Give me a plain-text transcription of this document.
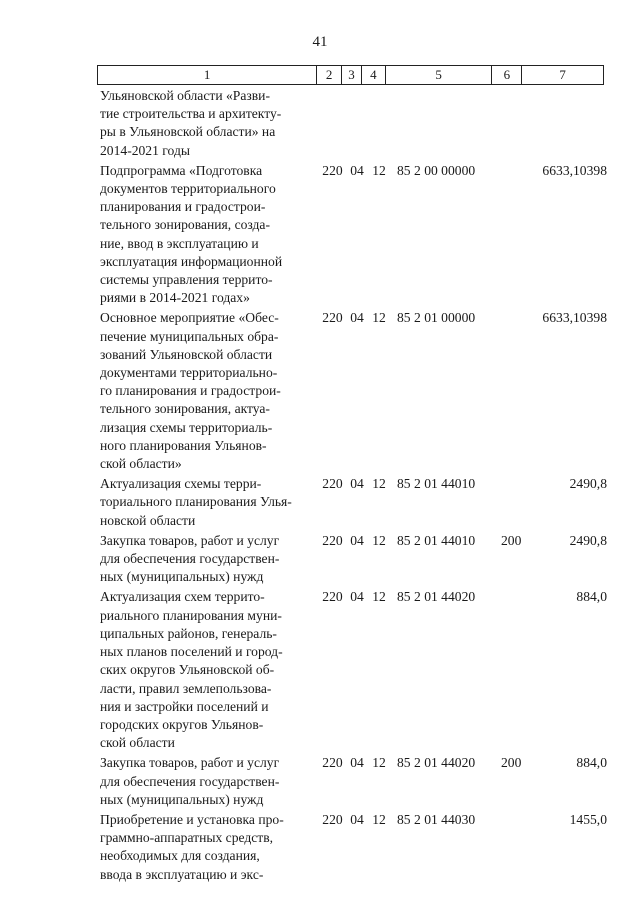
41
1	2	3	4	5	6	7
Ульяновской области «Разви-
тие строительства и архитекту-
ры в Ульяновской области» на
2014-2021 годы
Подпрограмма «Подготовка
документов территориального
планирования и градострои-
тельного зонирования, созда-
ние, ввод в эксплуатацию и
эксплуатация информационной
системы управления террито-
риями в 2014-2021 годах»
220 04 12 85 2 00 00000	6633,10398
Основное мероприятие «Обес-
печение муниципальных обра-
зований Ульяновской области
документами территориально-
го планирования и градострои-
тельного зонирования, актуа-
лизация схемы территориаль-
ного планирования Ульянов-
ской области»
220 04 12 85 2 01 00000	6633,10398
Актуализация схемы терри-
ториального планирования Улья-
новской области
220 04 12 85 2 01 44010	2490,8
Закупка товаров, работ и услуг
для обеспечения государствен-
ных (муниципальных) нужд
220 04 12 85 2 01 44010	200	2490,8
Актуализация схем террито-
риального планирования муни-
ципальных районов, генераль-
ных планов поселений и город-
ских округов Ульяновской об-
ласти, правил землепользова-
ния и застройки поселений и
городских округов Ульянов-
ской области
220 04 12 85 2 01 44020	884,0
Закупка товаров, работ и услуг
для обеспечения государствен-
ных (муниципальных) нужд
220 04 12 85 2 01 44020	200	884,0
Приобретение и установка про-
граммно-аппаратных средств,
необходимых для создания,
ввода в эксплуатацию и экс-
220 04 12 85 2 01 44030	1455,0
